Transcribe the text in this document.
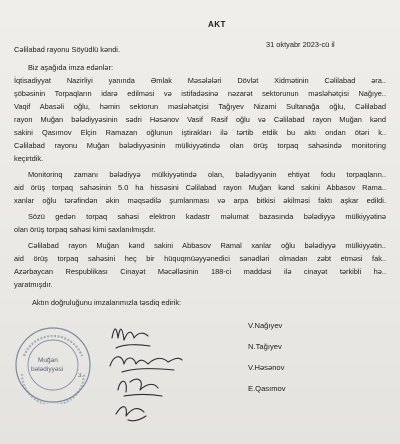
AKT
Cəlilabad rayonu Söyüdlü kəndi.
31 oktyabr 2023-cü il
Biz aşağıda imza edənlər:
İqtisadiyyat Nazirliyi yanında Əmlak Məsələləri Dövlət Xidmətinin Cəlilabad əra..
şöbəsinin Torpaqların idarə edilməsi və istifadəsinə nəzarət sektorunun məsləhətçisi Nağıye..
Vaqif Abasəli oğlu, həmin sektorun məsləhətçisi Tağıyev Nizami Sultanağa oğlu, Cəlilabad
rayon Muğan bələdiyyəsinin sədri Həsənov Vasif Rasif oğlu və Cəlilabad rayon Muğan kənd
sakini Qasımov Elçin Ramazan oğlunun iştirakları ilə tərtib etdik bu aktı ondan ötəri k..
Cəlilabad rayonu Muğan bələdiyyəsinin mülkiyyətində olan örüş torpaq sahəsində monitoring
keçirtdik.
Monitorinq zamanı bələdiyyə mülkiyyətində olan, bələdiyyənin ehtiyat fodu torpaqların..
aid örüş torpaq sahəsinin 5.0 ha hissəsini Cəlilabad rayon Muğan kənd sakini Abbasov Rama..
xanlar oğlu tərəfindən əkin məqsədilə şumlanması və arpa bitkisi əkilməsi faktı aşkar edildi.
Sözü gedən torpaq sahəsi elektron kadastr məlumat bazasında bələdiyyə mülkiyyətinə
olan örüş torpaq sahəsi kimi saxlanılmışdır.
Cəlilabad rayon Muğan kənd sakini Abbasov Ramal xanlar oğlu bələdiyyə mülkiyyətin..
aid örüş torpaq sahəsini heç bir hüquqmüəyyənedici sənədləri olmadan zəbt etməsi fak..
Azərbaycan Respublikası Cinayət Məcəlləsinin 188-ci maddəsi ilə cinayət tərkibli hə..
yaratmışdır.
Aktın doğruluğunu imzalarımızla təsdiq edirik:
Muğan
bələdiyyəsi
3.
V.Nağıyev
N.Tağıyev
V.Həsənov
E.Qasımov
